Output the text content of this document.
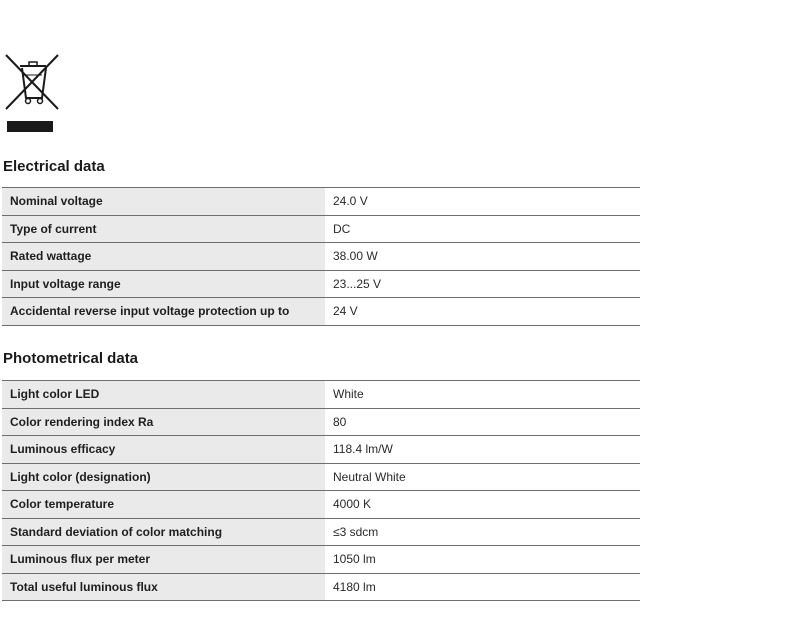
Electrical data
Nominal voltage	24.0 V
Type of current	DC
Rated wattage	38.00 W
Input voltage range	23...25 V
Accidental reverse input voltage protection up to	24 V
Photometrical data
Light color LED	White
Color rendering index Ra	80
Luminous efficacy	118.4 lm/W
Light color (designation)	Neutral White
Color temperature	4000 K
Standard deviation of color matching	≤3 sdcm
Luminous flux per meter	1050 lm
Total useful luminous flux	4180 lm
